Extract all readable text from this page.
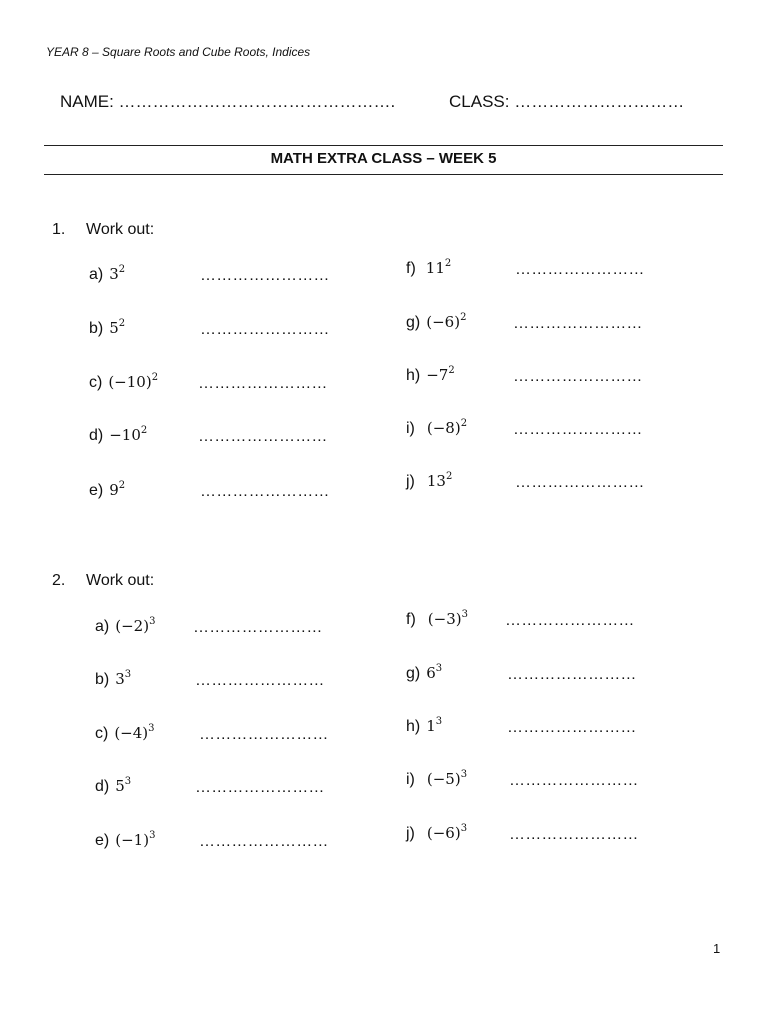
YEAR 8 – Square Roots and Cube Roots, Indices
NAME: ………………………………………….	CLASS: …………………………
MATH EXTRA CLASS – WEEK 5
1. Work out:
a) $3^2$	……………………
b) $5^2$	……………………
c) $(-10)^2$ ……………………
$d) -10^2$	……………………
e) $9^2$	……………………
f) $11^2$	……………………
g) $(-6)^2$	……………………
$h) -7^2$	……………………
i) $(-8)^2$	……………………
j) $13^2$	……………………
2. Work out:
a) $(-2)^3$ ……………………
b) $3^3$	……………………
c) $(-4)^3$	……………………
d) $5^3$	……………………
e) $(-1)^3$	……………………
f) $(-3)^3$ ……………………
g) $6^3$	……………………
h) $1^3$	……………………
i) $(-5)^3$	……………………
j) $(-6)^3$	……………………
1
